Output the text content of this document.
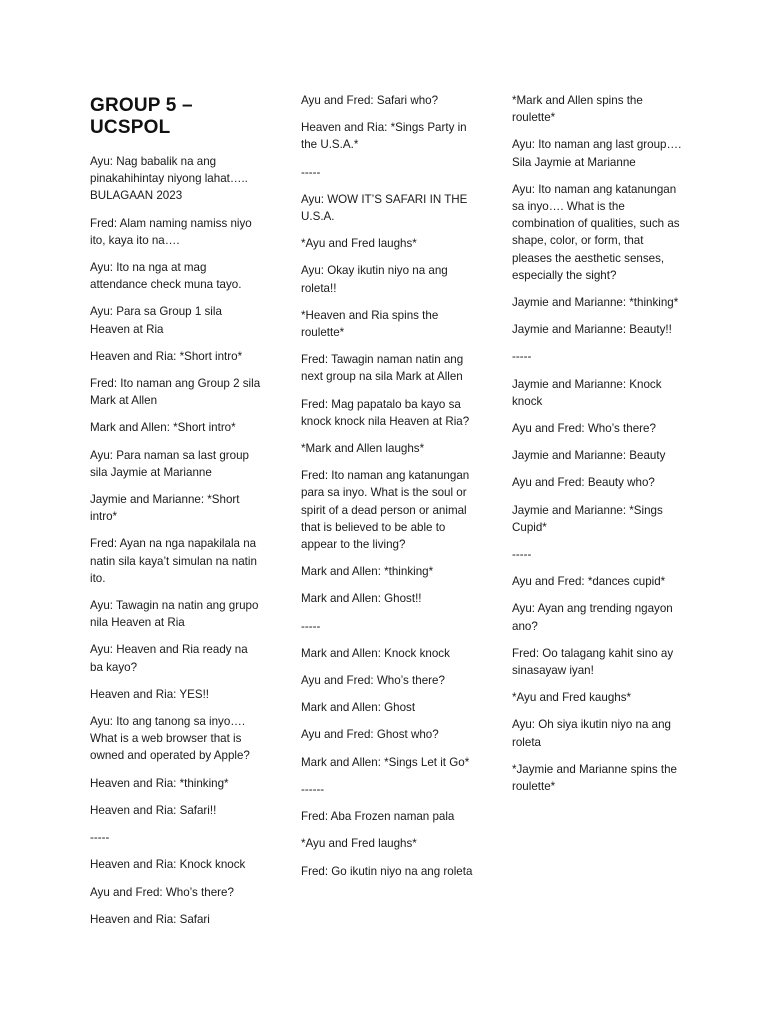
GROUP 5 – UCSPOL
Ayu: Nag babalik na ang pinakahihintay niyong lahat….. BULAGAAN 2023
Fred: Alam naming namiss niyo ito, kaya ito na….
Ayu: Ito na nga at mag attendance check muna tayo.
Ayu: Para sa Group 1 sila Heaven at Ria
Heaven and Ria: *Short intro*
Fred: Ito naman ang Group 2 sila Mark at Allen
Mark and Allen: *Short intro*
Ayu: Para naman sa last group sila Jaymie at Marianne
Jaymie and Marianne: *Short intro*
Fred: Ayan na nga napakilala na natin sila kaya’t simulan na natin ito.
Ayu: Tawagin na natin ang grupo nila Heaven at Ria
Ayu: Heaven and Ria ready na ba kayo?
Heaven and Ria: YES!!
Ayu: Ito ang tanong sa inyo…. What is a web browser that is owned and operated by Apple?
Heaven and Ria: *thinking*
Heaven and Ria: Safari!!
-----
Heaven and Ria: Knock knock
Ayu and Fred: Who’s there?
Heaven and Ria: Safari
Ayu and Fred: Safari who?
Heaven and Ria: *Sings Party in the U.S.A.*
-----
Ayu: WOW IT’S SAFARI IN THE U.S.A.
*Ayu and Fred laughs*
Ayu: Okay ikutin niyo na ang roleta!!
*Heaven and Ria spins the roulette*
Fred: Tawagin naman natin ang next group na sila Mark at Allen
Fred: Mag papatalo ba kayo sa knock knock nila Heaven at Ria?
*Mark and Allen laughs*
Fred: Ito naman ang katanungan para sa inyo. What is the soul or spirit of a dead person or animal that is believed to be able to appear to the living?
Mark and Allen: *thinking*
Mark and Allen: Ghost!!
-----
Mark and Allen: Knock knock
Ayu and Fred: Who’s there?
Mark and Allen: Ghost
Ayu and Fred: Ghost who?
Mark and Allen: *Sings Let it Go*
------
Fred: Aba Frozen naman pala
*Ayu and Fred laughs*
Fred: Go ikutin niyo na ang roleta
*Mark and Allen spins the roulette*
Ayu: Ito naman ang last group…. Sila Jaymie at Marianne
Ayu: Ito naman ang katanungan sa inyo…. What is the combination of qualities, such as shape, color, or form, that pleases the aesthetic senses, especially the sight?
Jaymie and Marianne: *thinking*
Jaymie and Marianne: Beauty!!
-----
Jaymie and Marianne: Knock knock
Ayu and Fred: Who’s there?
Jaymie and Marianne: Beauty
Ayu and Fred: Beauty who?
Jaymie and Marianne: *Sings Cupid*
-----
Ayu and Fred: *dances cupid*
Ayu: Ayan ang trending ngayon ano?
Fred: Oo talagang kahit sino ay sinasayaw iyan!
*Ayu and Fred kaughs*
Ayu: Oh siya ikutin niyo na ang roleta
*Jaymie and Marianne spins the roulette*
